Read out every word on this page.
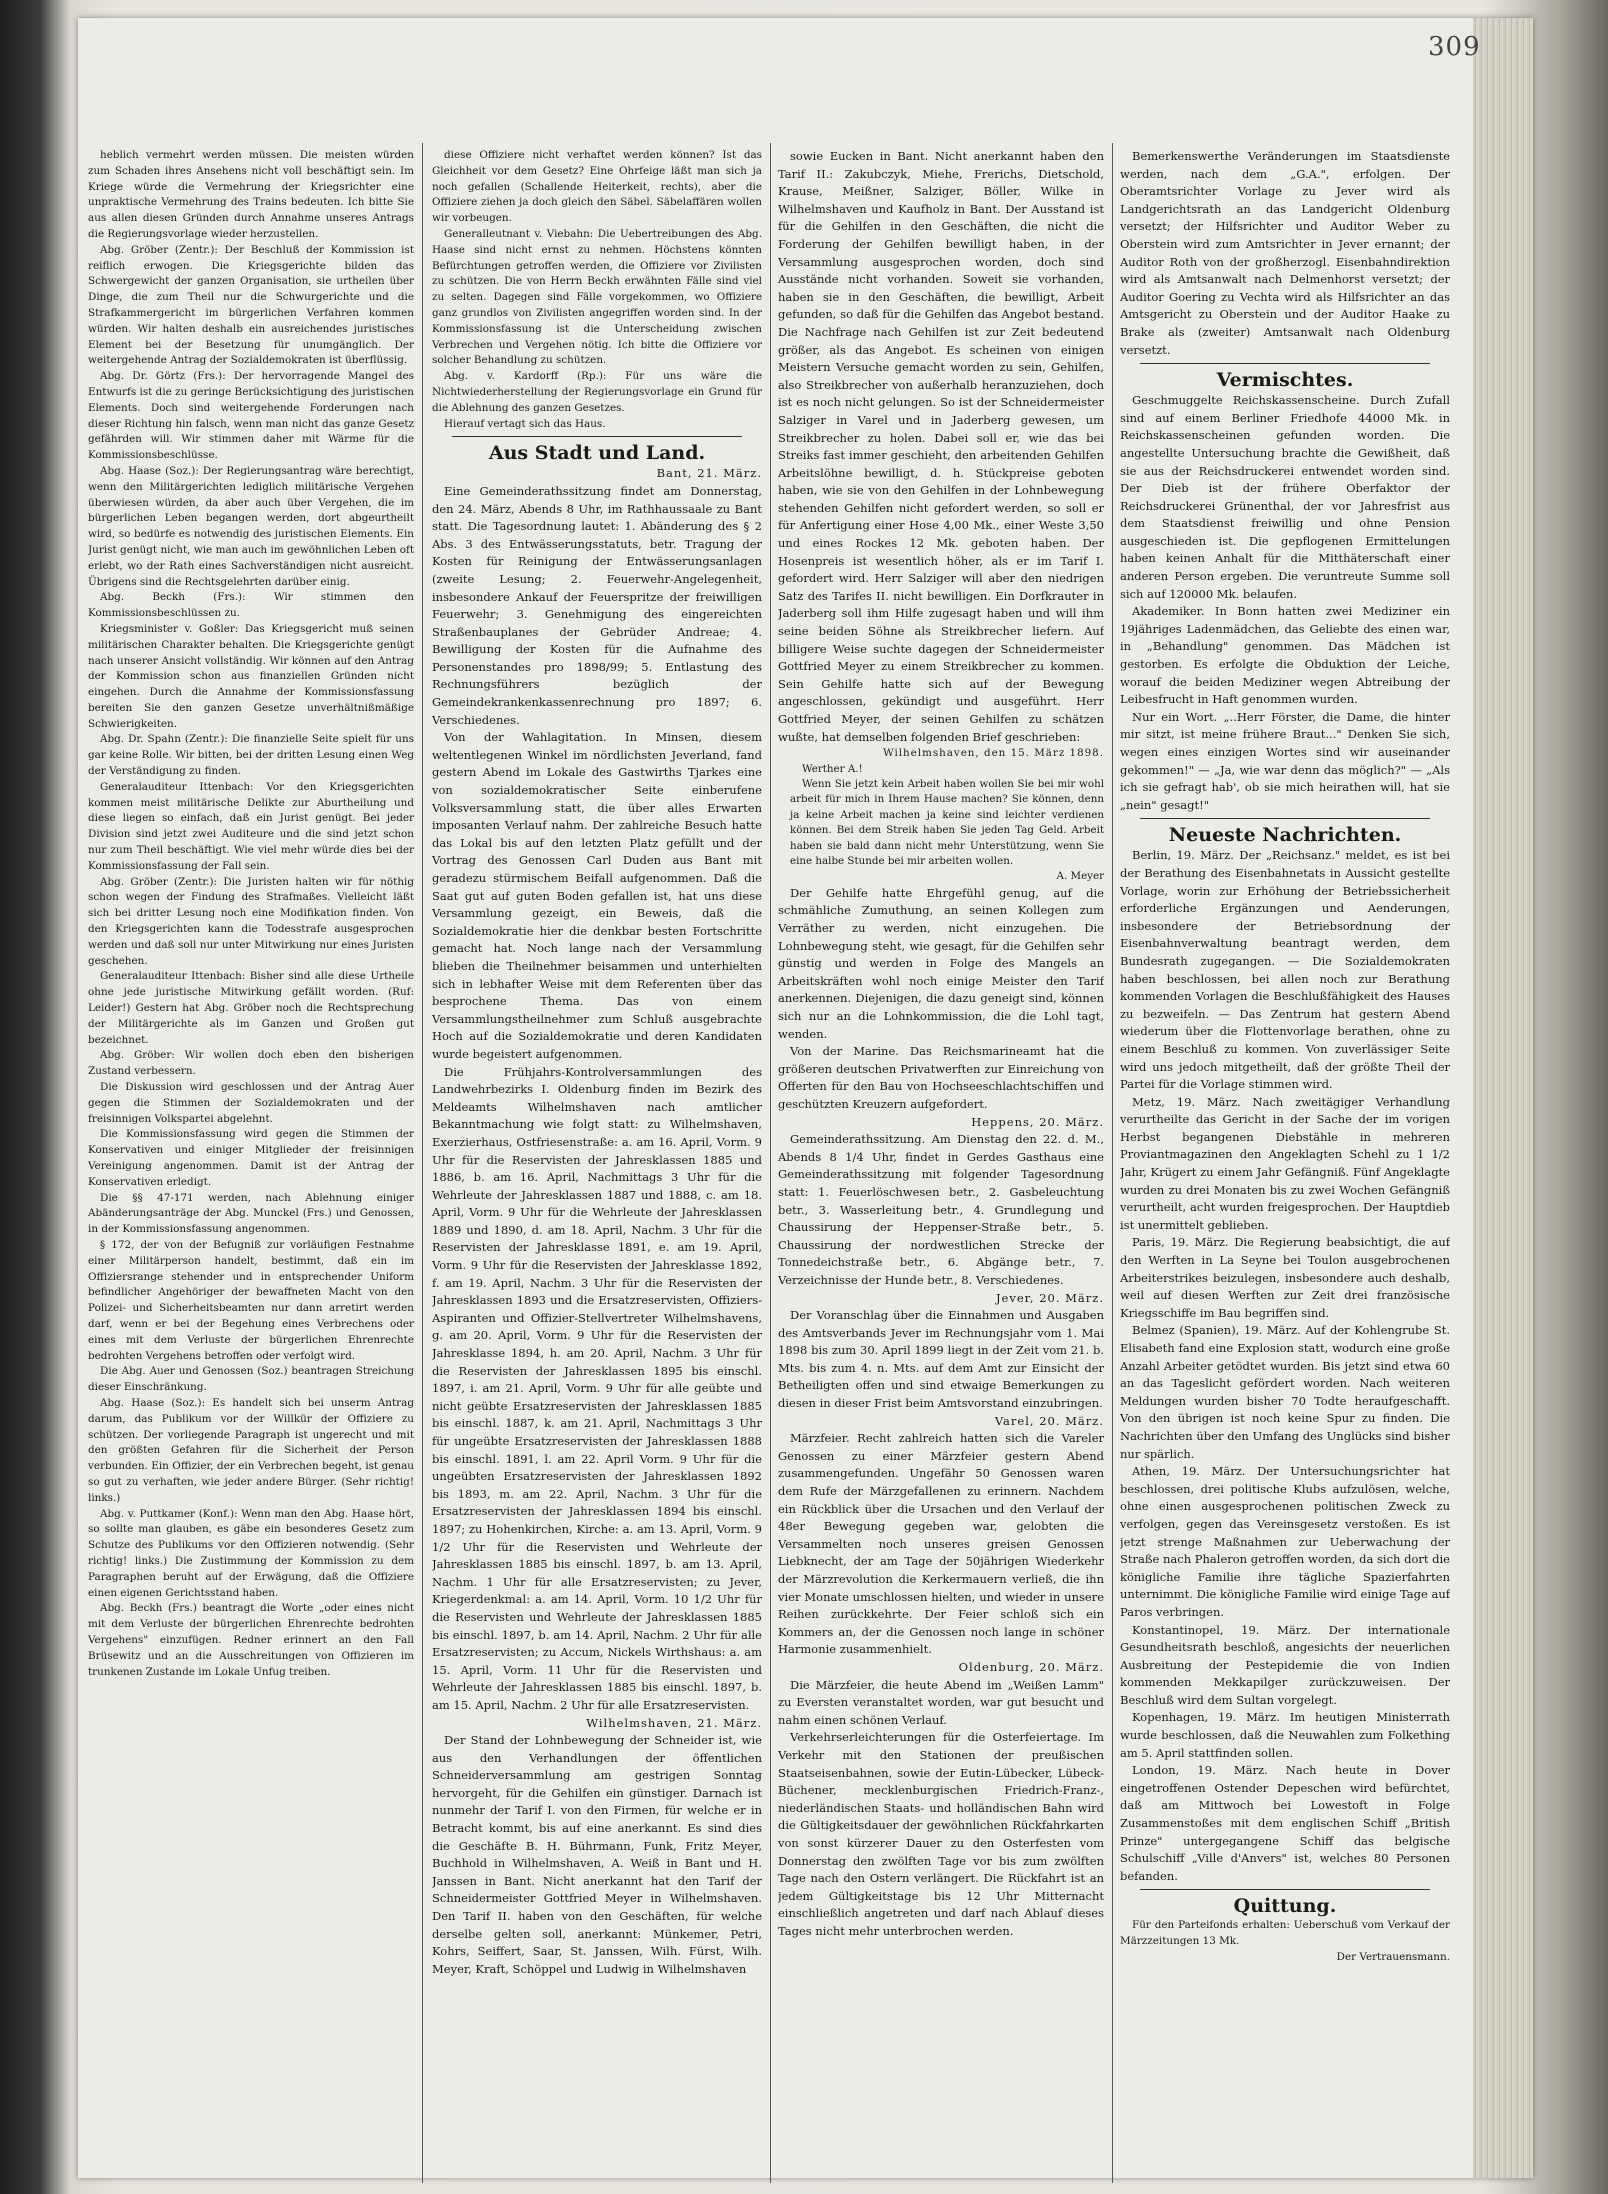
309

heblich vermehrt werden müssen. Die meisten würden zum Schaden ihres Ansehens nicht voll beschäftigt sein. Im Kriege würde die Vermehrung der Kriegsrichter eine unpraktische Vermehrung des Trains bedeuten. Ich bitte Sie aus allen diesen Gründen durch Annahme unseres Antrags die Regierungsvorlage wieder herzustellen.

Abg. Gröber (Zentr.): Der Beschluß der Kommission ist reiflich erwogen. Die Kriegsgerichte bilden das Schwergewicht der ganzen Organisation, sie urtheilen über Dinge, die zum Theil nur die Schwurgerichte und die Strafkammergericht im bürgerlichen Verfahren kommen würden. Wir halten deshalb ein ausreichendes juristisches Element bei der Besetzung für unumgänglich. Der weitergehende Antrag der Sozialdemokraten ist überflüssig.

Abg. Dr. Görtz (Frs.): Der hervorragende Mangel des Entwurfs ist die zu geringe Berücksichtigung des juristischen Elements. Doch sind weitergehende Forderungen nach dieser Richtung hin falsch, wenn man nicht das ganze Gesetz gefährden will. Wir stimmen daher mit Wärme für die Kommissionsbeschlüsse.

Abg. Haase (Soz.): Der Regierungsantrag wäre berechtigt, wenn den Militärgerichten lediglich militärische Vergehen überwiesen würden, da aber auch über Vergehen, die im bürgerlichen Leben begangen werden, dort abgeurtheilt wird, so bedürfe es notwendig des juristischen Elements. Ein Jurist genügt nicht, wie man auch im gewöhnlichen Leben oft erlebt, wo der Rath eines Sachverständigen nicht ausreicht. Übrigens sind die Rechtsgelehrten darüber einig.

Abg. Beckh (Frs.): Wir stimmen den Kommissionsbeschlüssen zu.

Kriegsminister v. Goßler: Das Kriegsgericht muß seinen militärischen Charakter behalten. Die Kriegsgerichte genügt nach unserer Ansicht vollständig. Wir können auf den Antrag der Kommission schon aus finanziellen Gründen nicht eingehen. Durch die Annahme der Kommissionsfassung bereiten Sie den ganzen Gesetze unverhältnißmäßige Schwierigkeiten.

Abg. Dr. Spahn (Zentr.): Die finanzielle Seite spielt für uns gar keine Rolle. Wir bitten, bei der dritten Lesung einen Weg der Verständigung zu finden.

Generalauditeur Ittenbach: Vor den Kriegsgerichten kommen meist militärische Delikte zur Aburtheilung und diese liegen so einfach, daß ein Jurist genügt. Bei jeder Division sind jetzt zwei Auditeure und die sind jetzt schon nur zum Theil beschäftigt. Wie viel mehr würde dies bei der Kommissionsfassung der Fall sein.

Abg. Gröber (Zentr.): Die Juristen halten wir für nöthig schon wegen der Findung des Strafmaßes. Vielleicht läßt sich bei dritter Lesung noch eine Modifikation finden. Von den Kriegsgerichten kann die Todesstrafe ausgesprochen werden und daß soll nur unter Mitwirkung nur eines Juristen geschehen.

Generalauditeur Ittenbach: Bisher sind alle diese Urtheile ohne jede juristische Mitwirkung gefällt worden. (Ruf: Leider!) Gestern hat Abg. Gröber noch die Rechtsprechung der Militärgerichte als im Ganzen und Großen gut bezeichnet.

Abg. Gröber: Wir wollen doch eben den bisherigen Zustand verbessern.

Die Diskussion wird geschlossen und der Antrag Auer gegen die Stimmen der Sozialdemokraten und der freisinnigen Volkspartei abgelehnt.

Die Kommissionsfassung wird gegen die Stimmen der Konservativen und einiger Mitglieder der freisinnigen Vereinigung angenommen. Damit ist der Antrag der Konservativen erledigt.

Die §§ 47-171 werden, nach Ablehnung einiger Abänderungsanträge der Abg. Munckel (Frs.) und Genossen, in der Kommissionsfassung angenommen.

§ 172, der von der Befugniß zur vorläufigen Festnahme einer Militärperson handelt, bestimmt, daß ein im Offiziersrange stehender und in entsprechender Uniform befindlicher Angehöriger der bewaffneten Macht von den Polizei- und Sicherheitsbeamten nur dann arretirt werden darf, wenn er bei der Begehung eines Verbrechens oder eines mit dem Verluste der bürgerlichen Ehrenrechte bedrohten Vergehens betroffen oder verfolgt wird.

Die Abg. Auer und Genossen (Soz.) beantragen Streichung dieser Einschränkung.

Abg. Haase (Soz.): Es handelt sich bei unserm Antrag darum, das Publikum vor der Willkür der Offiziere zu schützen. Der vorliegende Paragraph ist ungerecht und mit den größten Gefahren für die Sicherheit der Person verbunden. Ein Offizier, der ein Verbrechen begeht, ist genau so gut zu verhaften, wie jeder andere Bürger. (Sehr richtig! links.)

Abg. v. Puttkamer (Konf.): Wenn man den Abg. Haase hört, so sollte man glauben, es gäbe ein besonderes Gesetz zum Schutze des Publikums vor den Offizieren notwendig. (Sehr richtig! links.) Die Zustimmung der Kommission zu dem Paragraphen beruht auf der Erwägung, daß die Offiziere einen eigenen Gerichtsstand haben.

Abg. Beckh (Frs.) beantragt die Worte „oder eines nicht mit dem Verluste der bürgerlichen Ehrenrechte bedrohten Vergehens" einzufügen. Redner erinnert an den Fall Brüsewitz und an die Ausschreitungen von Offizieren im trunkenen Zustande im Lokale Unfug treiben.

diese Offiziere nicht verhaftet werden können? Ist das Gleichheit vor dem Gesetz? Eine Ohrfeige läßt man sich ja noch gefallen (Schallende Heiterkeit, rechts), aber die Offiziere ziehen ja doch gleich den Säbel. Säbelaffären wollen wir vorbeugen.

Generalleutnant v. Viebahn: Die Uebertreibungen des Abg. Haase sind nicht ernst zu nehmen. Höchstens könnten Befürchtungen getroffen werden, die Offiziere vor Zivilisten zu schützen. Die von Herrn Beckh erwähnten Fälle sind viel zu selten. Dagegen sind Fälle vorgekommen, wo Offiziere ganz grundlos von Zivilisten angegriffen worden sind. In der Kommissionsfassung ist die Unterscheidung zwischen Verbrechen und Vergehen nötig. Ich bitte die Offiziere vor solcher Behandlung zu schützen.

Abg. v. Kardorff (Rp.): Für uns wäre die Nichtwiederherstellung der Regierungsvorlage ein Grund für die Ablehnung des ganzen Gesetzes.

Hierauf vertagt sich das Haus.

Aus Stadt und Land.

Bant, 21. März.

Eine Gemeinderathssitzung findet am Donnerstag, den 24. März, Abends 8 Uhr, im Rathhaussaale zu Bant statt. Die Tagesordnung lautet: 1. Abänderung des § 2 Abs. 3 des Entwässerungsstatuts, betr. Tragung der Kosten für Reinigung der Entwässerungsanlagen (zweite Lesung; 2. Feuerwehr-Angelegenheit, insbesondere Ankauf der Feuerspritze der freiwilligen Feuerwehr; 3. Genehmigung des eingereichten Straßenbauplanes der Gebrüder Andreae; 4. Bewilligung der Kosten für die Aufnahme des Personenstandes pro 1898/99; 5. Entlastung des Rechnungsführers bezüglich der Gemeindekrankenkassenrechnung pro 1897; 6. Verschiedenes.

Von der Wahlagitation. In Minsen, diesem weltentlegenen Winkel im nördlichsten Jeverland, fand gestern Abend im Lokale des Gastwirths Tjarkes eine von sozialdemokratischer Seite einberufene Volksversammlung statt, die über alles Erwarten imposanten Verlauf nahm. Der zahlreiche Besuch hatte das Lokal bis auf den letzten Platz gefüllt und der Vortrag des Genossen Carl Duden aus Bant mit geradezu stürmischem Beifall aufgenommen. Daß die Saat gut auf guten Boden gefallen ist, hat uns diese Versammlung gezeigt, ein Beweis, daß die Sozialdemokratie hier die denkbar besten Fortschritte gemacht hat. Noch lange nach der Versammlung blieben die Theilnehmer beisammen und unterhielten sich in lebhafter Weise mit dem Referenten über das besprochene Thema. Das von einem Versammlungstheilnehmer zum Schluß ausgebrachte Hoch auf die Sozialdemokratie und deren Kandidaten wurde begeistert aufgenommen.

Die Frühjahrs-Kontrolversammlungen des Landwehrbezirks I. Oldenburg finden im Bezirk des Meldeamts Wilhelmshaven nach amtlicher Bekanntmachung wie folgt statt: zu Wilhelmshaven, Exerzierhaus, Ostfriesenstraße: a. am 16. April, Vorm. 9 Uhr für die Reservisten der Jahresklassen 1885 und 1886, b. am 16. April, Nachmittags 3 Uhr für die Wehrleute der Jahresklassen 1887 und 1888, c. am 18. April, Vorm. 9 Uhr für die Wehrleute der Jahresklassen 1889 und 1890, d. am 18. April, Nachm. 3 Uhr für die Reservisten der Jahresklasse 1891, e. am 19. April, Vorm. 9 Uhr für die Reservisten der Jahresklasse 1892, f. am 19. April, Nachm. 3 Uhr für die Reservisten der Jahresklassen 1893 und die Ersatzreservisten, Offiziers-Aspiranten und Offizier-Stellvertreter Wilhelmshavens, g. am 20. April, Vorm. 9 Uhr für die Reservisten der Jahresklasse 1894, h. am 20. April, Nachm. 3 Uhr für die Reservisten der Jahresklassen 1895 bis einschl. 1897, i. am 21. April, Vorm. 9 Uhr für alle geübte und nicht geübte Ersatzreservisten der Jahresklassen 1885 bis einschl. 1887, k. am 21. April, Nachmittags 3 Uhr für ungeübte Ersatzreservisten der Jahresklassen 1888 bis einschl. 1891, l. am 22. April Vorm. 9 Uhr für die ungeübten Ersatzreservisten der Jahresklassen 1892 bis 1893, m. am 22. April, Nachm. 3 Uhr für die Ersatzreservisten der Jahresklassen 1894 bis einschl. 1897; zu Hohenkirchen, Kirche: a. am 13. April, Vorm. 9 1/2 Uhr für die Reservisten und Wehrleute der Jahresklassen 1885 bis einschl. 1897, b. am 13. April, Nachm. 1 Uhr für alle Ersatzreservisten; zu Jever, Kriegerdenkmal: a. am 14. April, Vorm. 10 1/2 Uhr für die Reservisten und Wehrleute der Jahresklassen 1885 bis einschl. 1897, b. am 14. April, Nachm. 2 Uhr für alle Ersatzreservisten; zu Accum, Nickels Wirthshaus: a. am 15. April, Vorm. 11 Uhr für die Reservisten und Wehrleute der Jahresklassen 1885 bis einschl. 1897, b. am 15. April, Nachm. 2 Uhr für alle Ersatzreservisten.

Wilhelmshaven, 21. März.

Der Stand der Lohnbewegung der Schneider ist, wie aus den Verhandlungen der öffentlichen Schneiderversammlung am gestrigen Sonntag hervorgeht, für die Gehilfen ein günstiger. Darnach ist nunmehr der Tarif I. von den Firmen, für welche er in Betracht kommt, bis auf eine anerkannt. Es sind dies die Geschäfte B. H. Bührmann, Funk, Fritz Meyer, Buchhold in Wilhelmshaven, A. Weiß in Bant und H. Janssen in Bant. Nicht anerkannt hat den Tarif der Schneidermeister Gottfried Meyer in Wilhelmshaven. Den Tarif II. haben von den Geschäften, für welche derselbe gelten soll, anerkannt: Münkemer, Petri, Kohrs, Seiffert, Saar, St. Janssen, Wilh. Fürst, Wilh. Meyer, Kraft, Schöppel und Ludwig in Wilhelmshaven

sowie Eucken in Bant. Nicht anerkannt haben den Tarif II.: Zakubczyk, Miehe, Frerichs, Dietschold, Krause, Meißner, Salziger, Böller, Wilke in Wilhelmshaven und Kaufholz in Bant. Der Ausstand ist für die Gehilfen in den Geschäften, die nicht die Forderung der Gehilfen bewilligt haben, in der Versammlung ausgesprochen worden, doch sind Ausstände nicht vorhanden. Soweit sie vorhanden, haben sie in den Geschäften, die bewilligt, Arbeit gefunden, so daß für die Gehilfen das Angebot bestand. Die Nachfrage nach Gehilfen ist zur Zeit bedeutend größer, als das Angebot. Es scheinen von einigen Meistern Versuche gemacht worden zu sein, Gehilfen, also Streikbrecher von außerhalb heranzuziehen, doch ist es noch nicht gelungen. So ist der Schneidermeister Salziger in Varel und in Jaderberg gewesen, um Streikbrecher zu holen. Dabei soll er, wie das bei Streiks fast immer geschieht, den arbeitenden Gehilfen Arbeitslöhne bewilligt, d. h. Stückpreise geboten haben, wie sie von den Gehilfen in der Lohnbewegung stehenden Gehilfen nicht gefordert werden, so soll er für Anfertigung einer Hose 4,00 Mk., einer Weste 3,50 und eines Rockes 12 Mk. geboten haben. Der Hosenpreis ist wesentlich höher, als er im Tarif I. gefordert wird. Herr Salziger will aber den niedrigen Satz des Tarifes II. nicht bewilligen. Ein Dorfkrauter in Jaderberg soll ihm Hilfe zugesagt haben und will ihm seine beiden Söhne als Streikbrecher liefern. Auf billigere Weise suchte dagegen der Schneidermeister Gottfried Meyer zu einem Streikbrecher zu kommen. Sein Gehilfe hatte sich auf der Bewegung angeschlossen, gekündigt und ausgeführt. Herr Gottfried Meyer, der seinen Gehilfen zu schätzen wußte, hat demselben folgenden Brief geschrieben:

Wilhelmshaven, den 15. März 1898.

Werther A.!

Wenn Sie jetzt kein Arbeit haben wollen Sie bei mir wohl arbeit für mich in Ihrem Hause machen? Sie können, denn ja keine Arbeit machen ja keine sind leichter verdienen können. Bei dem Streik haben Sie jeden Tag Geld. Arbeit haben sie bald dann nicht mehr Unterstützung, wenn Sie eine halbe Stunde bei mir arbeiten wollen.

A. Meyer

Der Gehilfe hatte Ehrgefühl genug, auf die schmähliche Zumuthung, an seinen Kollegen zum Verräther zu werden, nicht einzugehen. Die Lohnbewegung steht, wie gesagt, für die Gehilfen sehr günstig und werden in Folge des Mangels an Arbeitskräften wohl noch einige Meister den Tarif anerkennen. Diejenigen, die dazu geneigt sind, können sich nur an die Lohnkommission, die die Lohl tagt, wenden.

Von der Marine. Das Reichsmarineamt hat die größeren deutschen Privatwerften zur Einreichung von Offerten für den Bau von Hochseeschlachtschiffen und geschützten Kreuzern aufgefordert.

Heppens, 20. März.

Gemeinderathssitzung. Am Dienstag den 22. d. M., Abends 8 1/4 Uhr, findet in Gerdes Gasthaus eine Gemeinderathssitzung mit folgender Tagesordnung statt: 1. Feuerlöschwesen betr., 2. Gasbeleuchtung betr., 3. Wasserleitung betr., 4. Grundlegung und Chaussirung der Heppenser-Straße betr., 5. Chaussirung der nordwestlichen Strecke der Tonnedeichstraße betr., 6. Abgänge betr., 7. Verzeichnisse der Hunde betr., 8. Verschiedenes.

Jever, 20. März.

Der Voranschlag über die Einnahmen und Ausgaben des Amtsverbands Jever im Rechnungsjahr vom 1. Mai 1898 bis zum 30. April 1899 liegt in der Zeit vom 21. b. Mts. bis zum 4. n. Mts. auf dem Amt zur Einsicht der Betheiligten offen und sind etwaige Bemerkungen zu diesen in dieser Frist beim Amtsvorstand einzubringen.

Varel, 20. März.

Märzfeier. Recht zahlreich hatten sich die Vareler Genossen zu einer Märzfeier gestern Abend zusammengefunden. Ungefähr 50 Genossen waren dem Rufe der Märzgefallenen zu erinnern. Nachdem ein Rückblick über die Ursachen und den Verlauf der 48er Bewegung gegeben war, gelobten die Versammelten noch unseres greisen Genossen Liebknecht, der am Tage der 50jährigen Wiederkehr der Märzrevolution die Kerkermauern verließ, die ihn vier Monate umschlossen hielten, und wieder in unsere Reihen zurückkehrte. Der Feier schloß sich ein Kommers an, der die Genossen noch lange in schöner Harmonie zusammenhielt.

Oldenburg, 20. März.

Die Märzfeier, die heute Abend im „Weißen Lamm" zu Eversten veranstaltet worden, war gut besucht und nahm einen schönen Verlauf.

Verkehrserleichterungen für die Osterfeiertage. Im Verkehr mit den Stationen der preußischen Staatseisenbahnen, sowie der Eutin-Lübecker, Lübeck-Büchener, mecklenburgischen Friedrich-Franz-, niederländischen Staats- und holländischen Bahn wird die Gültigkeitsdauer der gewöhnlichen Rückfahrkarten von sonst kürzerer Dauer zu den Osterfesten vom Donnerstag den zwölften Tage vor bis zum zwölften Tage nach den Ostern verlängert. Die Rückfahrt ist an jedem Gültigkeitstage bis 12 Uhr Mitternacht einschließlich angetreten und darf nach Ablauf dieses Tages nicht mehr unterbrochen werden.

Bemerkenswerthe Veränderungen im Staatsdienste werden, nach dem „G.A.", erfolgen. Der Oberamtsrichter Vorlage zu Jever wird als Landgerichtsrath an das Landgericht Oldenburg versetzt; der Hilfsrichter und Auditor Weber zu Oberstein wird zum Amtsrichter in Jever ernannt; der Auditor Roth von der großherzogl. Eisenbahndirektion wird als Amtsanwalt nach Delmenhorst versetzt; der Auditor Goering zu Vechta wird als Hilfsrichter an das Amtsgericht zu Oberstein und der Auditor Haake zu Brake als (zweiter) Amtsanwalt nach Oldenburg versetzt.

Vermischtes.

Geschmuggelte Reichskassenscheine. Durch Zufall sind auf einem Berliner Friedhofe 44000 Mk. in Reichskassenscheinen gefunden worden. Die angestellte Untersuchung brachte die Gewißheit, daß sie aus der Reichsdruckerei entwendet worden sind. Der Dieb ist der frühere Oberfaktor der Reichsdruckerei Grünenthal, der vor Jahresfrist aus dem Staatsdienst freiwillig und ohne Pension ausgeschieden ist. Die gepflogenen Ermittelungen haben keinen Anhalt für die Mitthäterschaft einer anderen Person ergeben. Die veruntreute Summe soll sich auf 120000 Mk. belaufen.

Akademiker. In Bonn hatten zwei Mediziner ein 19jähriges Ladenmädchen, das Geliebte des einen war, in „Behandlung" genommen. Das Mädchen ist gestorben. Es erfolgte die Obduktion der Leiche, worauf die beiden Mediziner wegen Abtreibung der Leibesfrucht in Haft genommen wurden.

Nur ein Wort. „..Herr Förster, die Dame, die hinter mir sitzt, ist meine frühere Braut..." Denken Sie sich, wegen eines einzigen Wortes sind wir auseinander gekommen!" — „Ja, wie war denn das möglich?" — „Als ich sie gefragt hab', ob sie mich heirathen will, hat sie „nein" gesagt!"

Neueste Nachrichten.

Berlin, 19. März. Der „Reichsanz." meldet, es ist bei der Berathung des Eisenbahnetats in Aussicht gestellte Vorlage, worin zur Erhöhung der Betriebssicherheit erforderliche Ergänzungen und Aenderungen, insbesondere der Betriebsordnung der Eisenbahnverwaltung beantragt werden, dem Bundesrath zugegangen. — Die Sozialdemokraten haben beschlossen, bei allen noch zur Berathung kommenden Vorlagen die Beschlußfähigkeit des Hauses zu bezweifeln. — Das Zentrum hat gestern Abend wiederum über die Flottenvorlage berathen, ohne zu einem Beschluß zu kommen. Von zuverlässiger Seite wird uns jedoch mitgetheilt, daß der größte Theil der Partei für die Vorlage stimmen wird.

Metz, 19. März. Nach zweitägiger Verhandlung verurtheilte das Gericht in der Sache der im vorigen Herbst begangenen Diebstähle in mehreren Proviantmagazinen den Angeklagten Schehl zu 1 1/2 Jahr, Krügert zu einem Jahr Gefängniß. Fünf Angeklagte wurden zu drei Monaten bis zu zwei Wochen Gefängniß verurtheilt, acht wurden freigesprochen. Der Hauptdieb ist unermittelt geblieben.

Paris, 19. März. Die Regierung beabsichtigt, die auf den Werften in La Seyne bei Toulon ausgebrochenen Arbeiterstrikes beizulegen, insbesondere auch deshalb, weil auf diesen Werften zur Zeit drei französische Kriegsschiffe im Bau begriffen sind.

Belmez (Spanien), 19. März. Auf der Kohlengrube St. Elisabeth fand eine Explosion statt, wodurch eine große Anzahl Arbeiter getödtet wurden. Bis jetzt sind etwa 60 an das Tageslicht gefördert worden. Nach weiteren Meldungen wurden bisher 70 Todte heraufgeschafft. Von den übrigen ist noch keine Spur zu finden. Die Nachrichten über den Umfang des Unglücks sind bisher nur spärlich.

Athen, 19. März. Der Untersuchungsrichter hat beschlossen, drei politische Klubs aufzulösen, welche, ohne einen ausgesprochenen politischen Zweck zu verfolgen, gegen das Vereinsgesetz verstoßen. Es ist jetzt strenge Maßnahmen zur Ueberwachung der Straße nach Phaleron getroffen worden, da sich dort die königliche Familie ihre tägliche Spazierfahrten unternimmt. Die königliche Familie wird einige Tage auf Paros verbringen.

Konstantinopel, 19. März. Der internationale Gesundheitsrath beschloß, angesichts der neuerlichen Ausbreitung der Pestepidemie die von Indien kommenden Mekkapilger zurückzuweisen. Der Beschluß wird dem Sultan vorgelegt.

Kopenhagen, 19. März. Im heutigen Ministerrath wurde beschlossen, daß die Neuwahlen zum Folkething am 5. April stattfinden sollen.

London, 19. März. Nach heute in Dover eingetroffenen Ostender Depeschen wird befürchtet, daß am Mittwoch bei Lowestoft in Folge Zusammenstoßes mit dem englischen Schiff „British Prinze" untergegangene Schiff das belgische Schulschiff „Ville d'Anvers" ist, welches 80 Personen befanden.

Quittung.

Für den Parteifonds erhalten: Ueberschuß vom Verkauf der Märzzeitungen 13 Mk.

Der Vertrauensmann.
